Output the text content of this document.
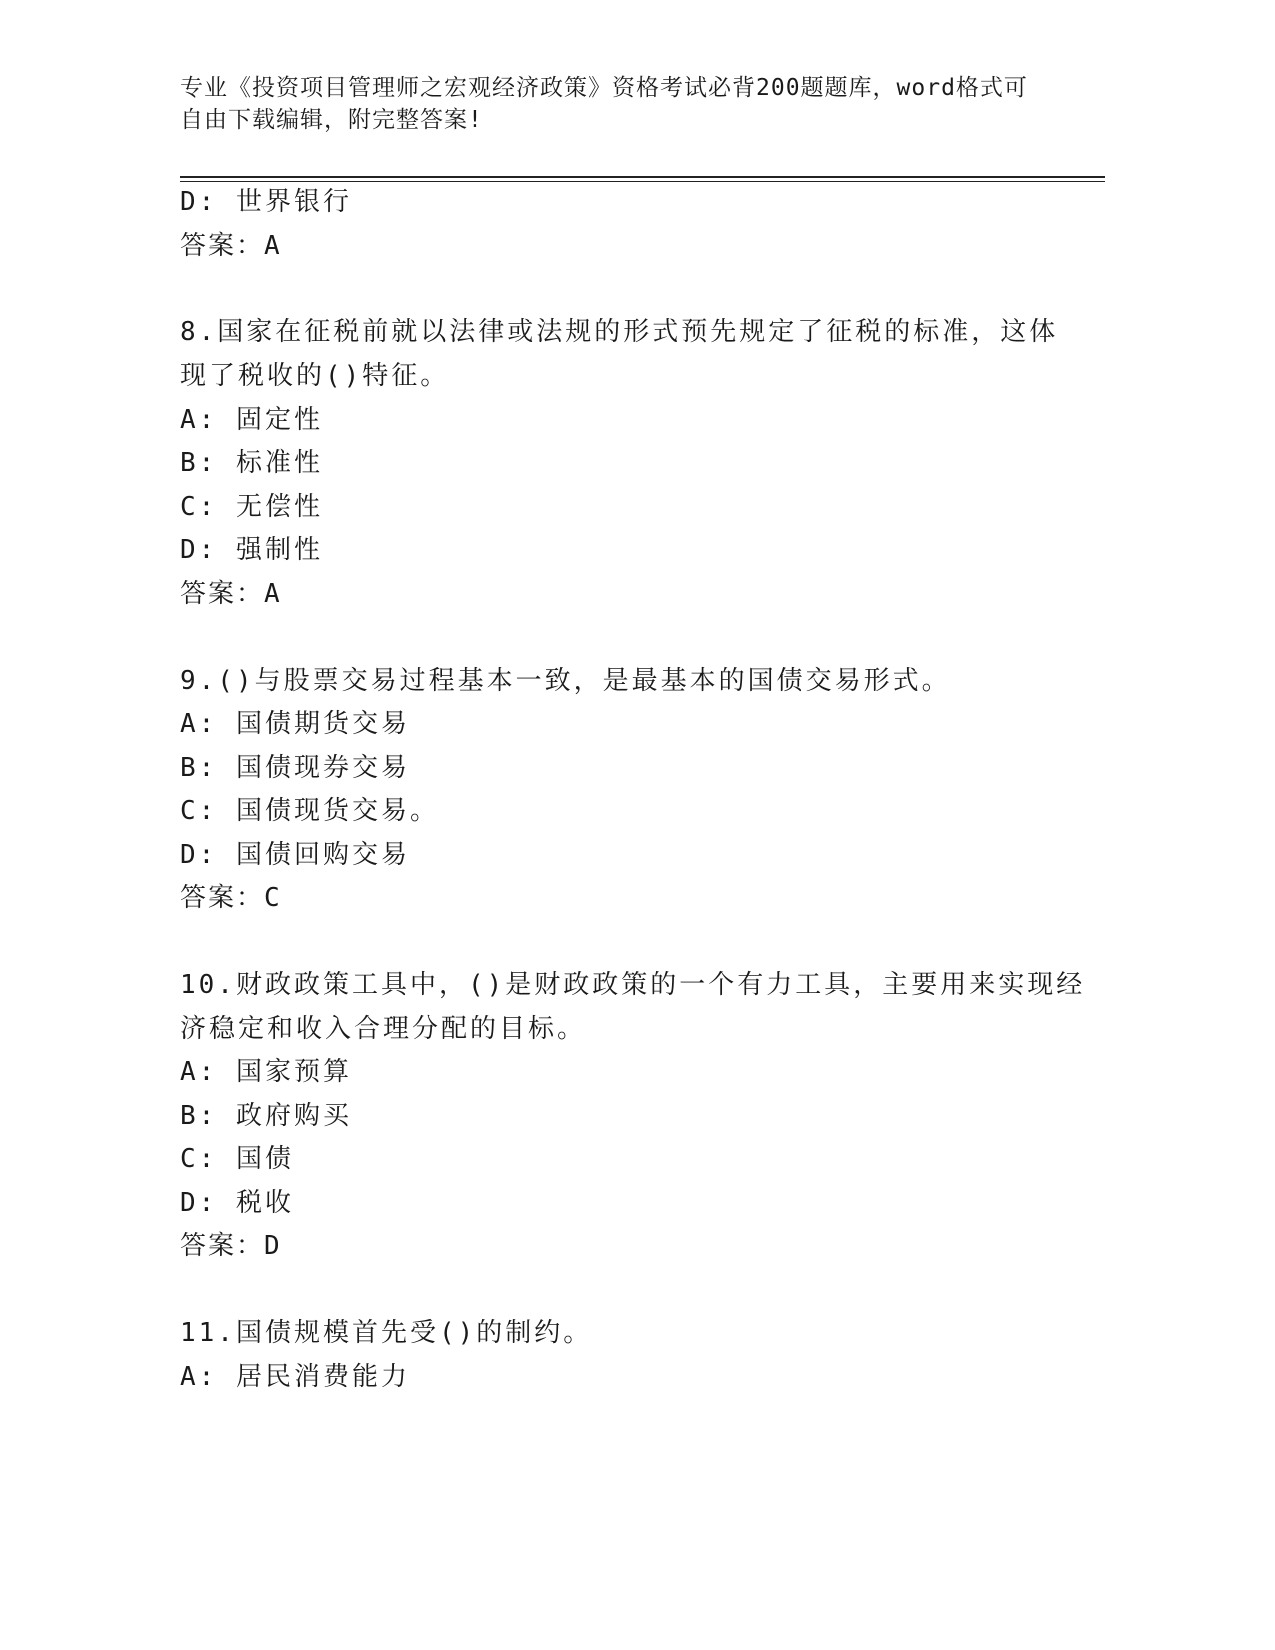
专业《投资项目管理师之宏观经济政策》资格考试必背200题题库，word格式可
自由下载编辑，附完整答案!
D: 世界银行
答案：A
8.国家在征税前就以法律或法规的形式预先规定了征税的标准，这体
现了税收的()特征。
A: 固定性
B: 标准性
C: 无偿性
D: 强制性
答案：A
9.()与股票交易过程基本一致，是最基本的国债交易形式。
A: 国债期货交易
B: 国债现券交易
C: 国债现货交易。
D: 国债回购交易
答案：C
10.财政政策工具中，()是财政政策的一个有力工具，主要用来实现经
济稳定和收入合理分配的目标。
A: 国家预算
B: 政府购买
C: 国债
D: 税收
答案：D
11.国债规模首先受()的制约。
A: 居民消费能力
